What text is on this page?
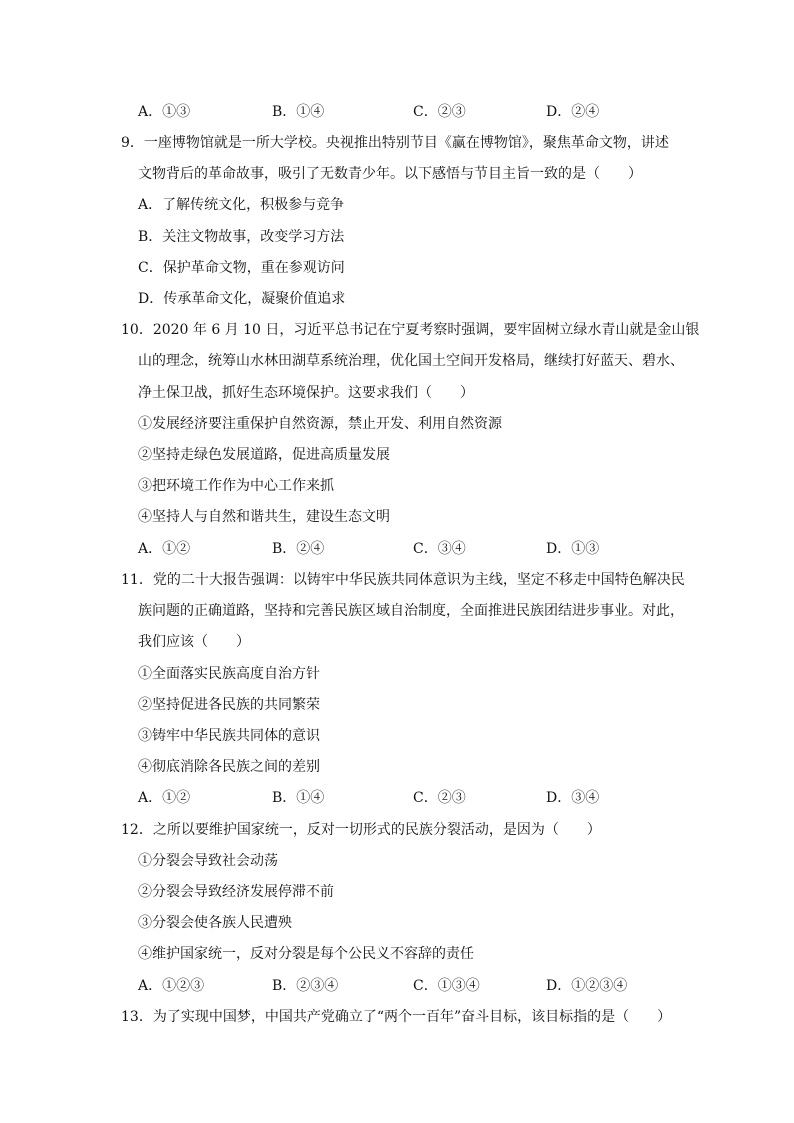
A．①③	B．①④	C．②③	D．②④
9．一座博物馆就是一所大学校。央视推出特别节目《赢在博物馆》，聚焦革命文物，讲述
文物背后的革命故事，吸引了无数青少年。以下感悟与节目主旨一致的是（　　）
A．了解传统文化，积极参与竞争
B．关注文物故事，改变学习方法
C．保护革命文物，重在参观访问
D．传承革命文化，凝聚价值追求
10．2020 年 6 月 10 日，习近平总书记在宁夏考察时强调，要牢固树立绿水青山就是金山银
山的理念，统筹山水林田湖草系统治理，优化国土空间开发格局，继续打好蓝天、碧水、
净土保卫战，抓好生态环境保护。这要求我们（　　）
①发展经济要注重保护自然资源，禁止开发、利用自然资源
②坚持走绿色发展道路，促进高质量发展
③把环境工作作为中心工作来抓
④坚持人与自然和谐共生，建设生态文明
A．①②	B．②④	C．③④	D．①③
11．党的二十大报告强调：以铸牢中华民族共同体意识为主线，坚定不移走中国特色解决民
族问题的正确道路，坚持和完善民族区域自治制度，全面推进民族团结进步事业。对此，
我们应该（　　）
①全面落实民族高度自治方针
②坚持促进各民族的共同繁荣
③铸牢中华民族共同体的意识
④彻底消除各民族之间的差别
A．①②	B．①④	C．②③	D．③④
12．之所以要维护国家统一，反对一切形式的民族分裂活动，是因为（　　）
①分裂会导致社会动荡
②分裂会导致经济发展停滞不前
③分裂会使各族人民遭殃
④维护国家统一，反对分裂是每个公民义不容辞的责任
A．①②③	B．②③④	C．①③④	D．①②③④
13．为了实现中国梦，中国共产党确立了“两个一百年”奋斗目标，该目标指的是（　　）
